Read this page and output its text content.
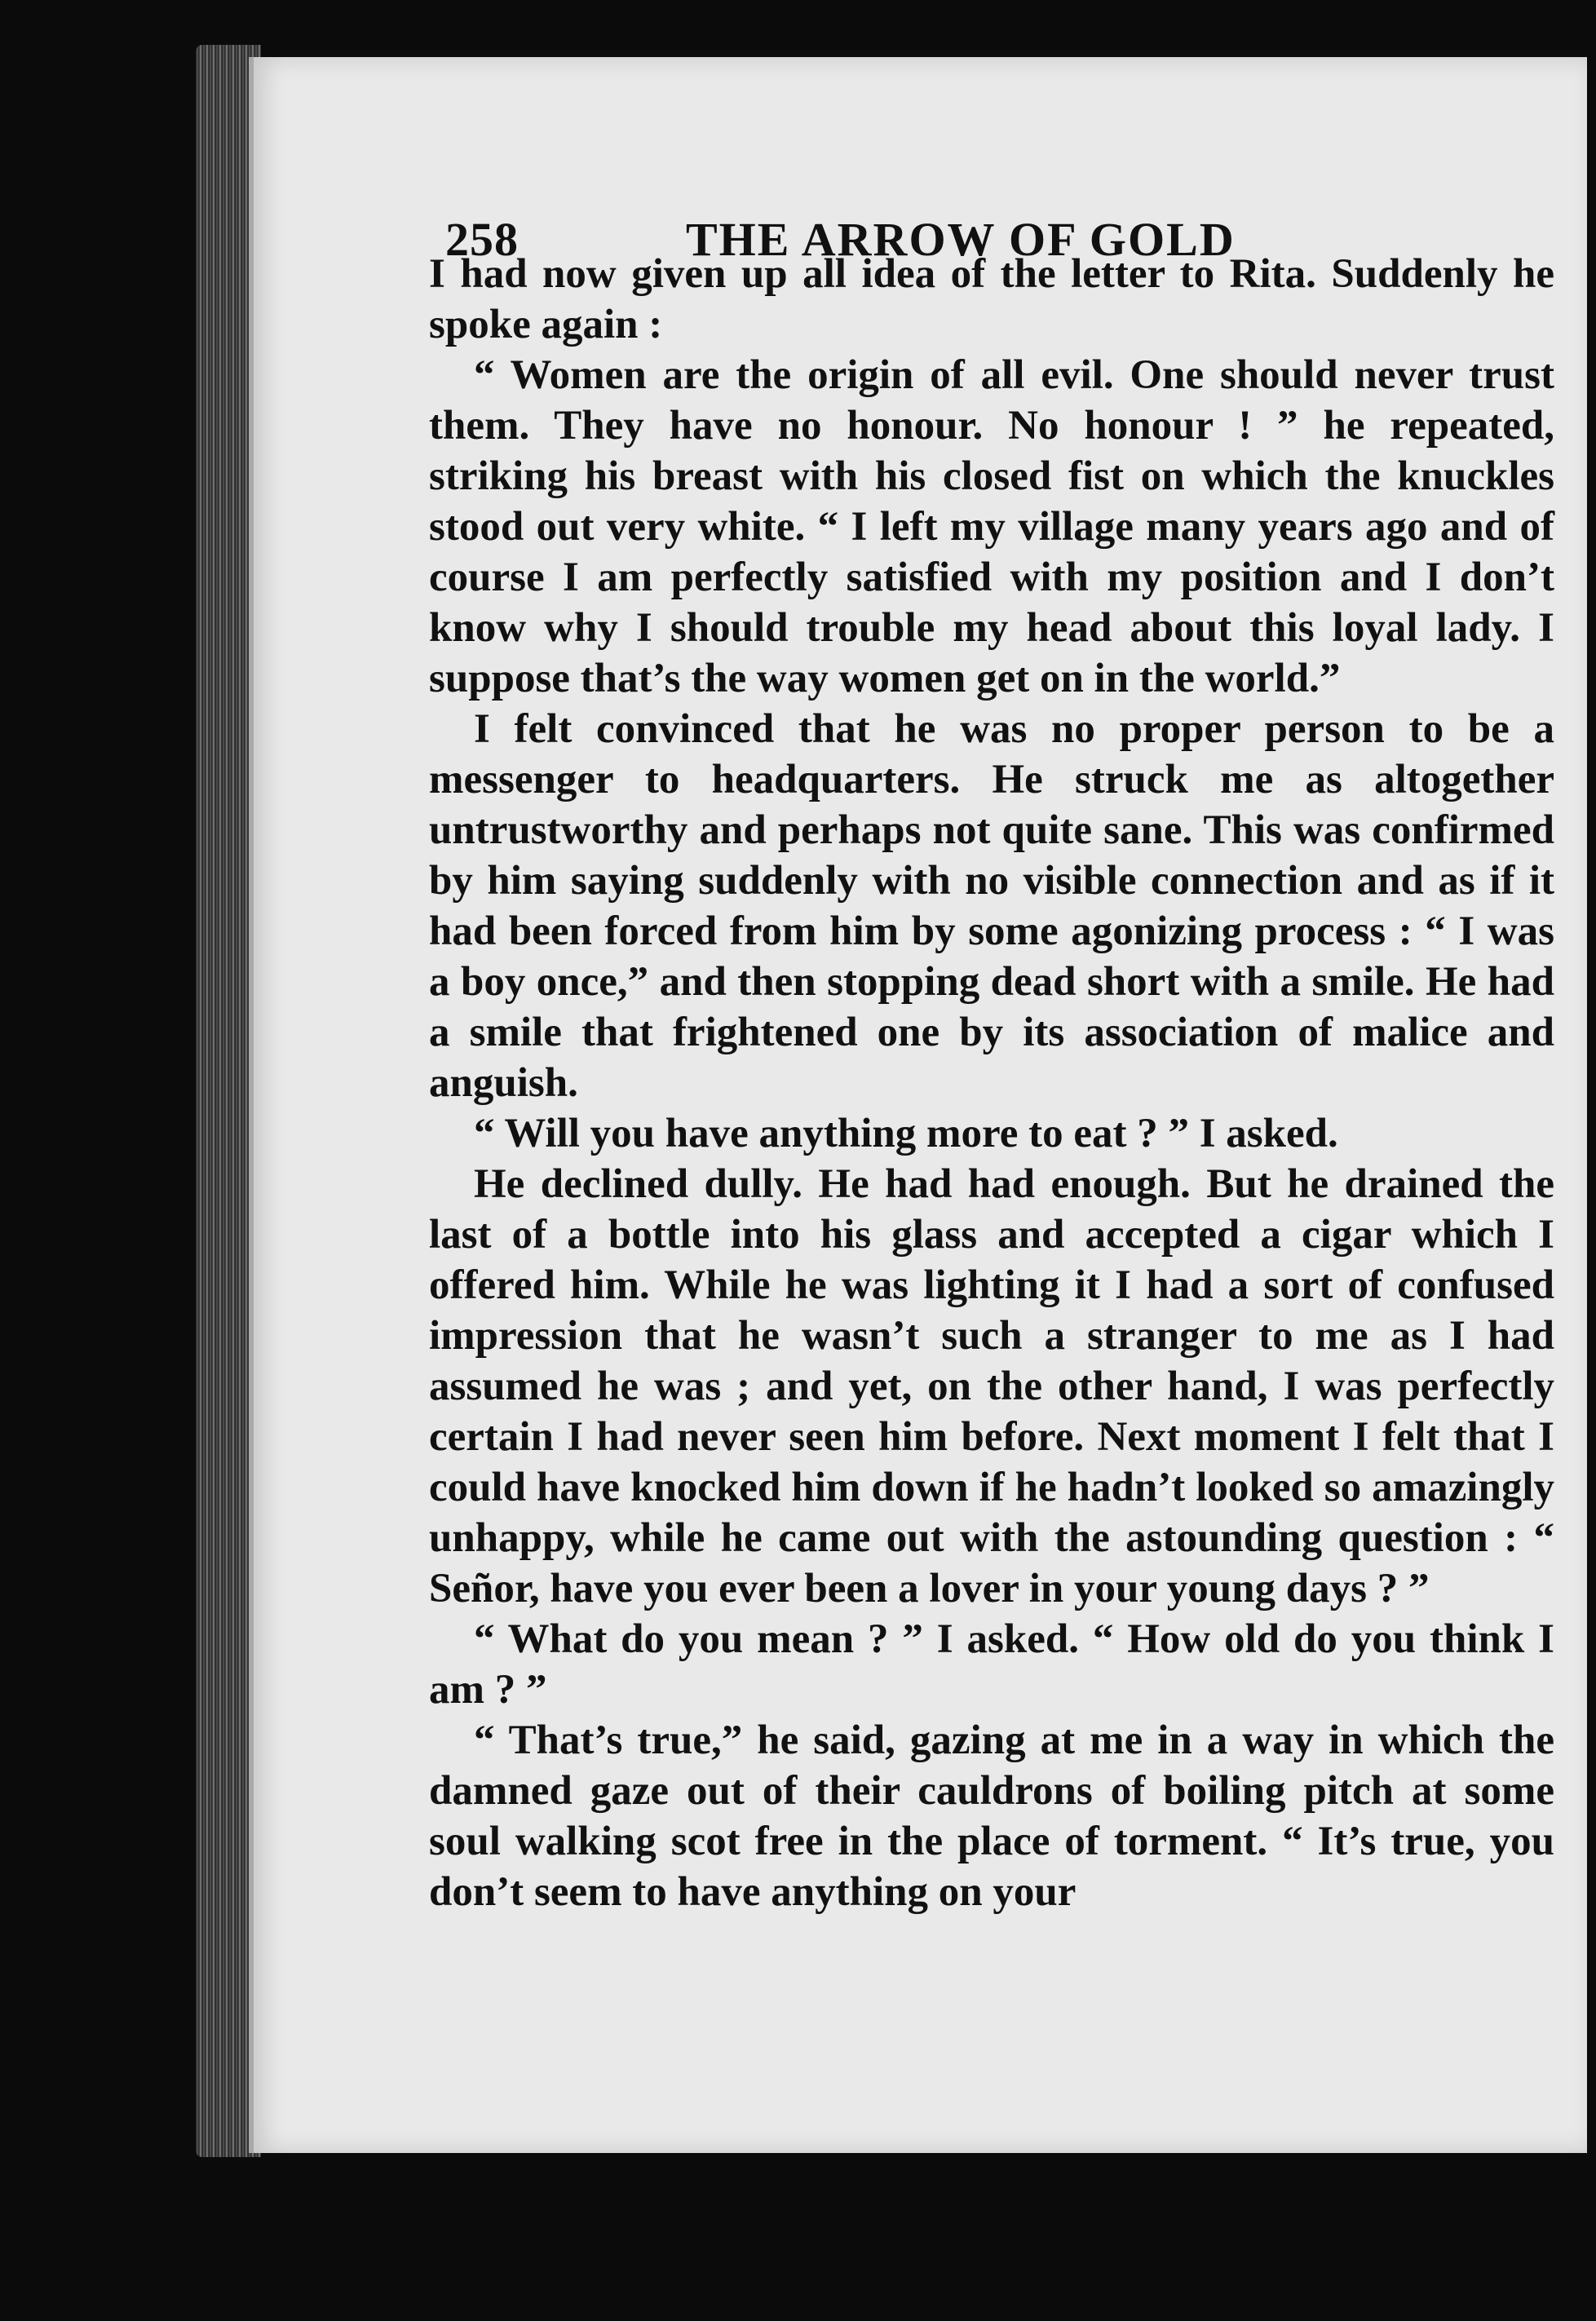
258	THE ARROW OF GOLD

I had now given up all idea of the letter to Rita. Suddenly he spoke again :

“ Women are the origin of all evil. One should never trust them. They have no honour. No honour ! ” he repeated, striking his breast with his closed fist on which the knuckles stood out very white. “ I left my village many years ago and of course I am perfectly satisfied with my position and I don’t know why I should trouble my head about this loyal lady. I suppose that’s the way women get on in the world.”

I felt convinced that he was no proper person to be a messenger to headquarters. He struck me as altogether untrustworthy and perhaps not quite sane. This was confirmed by him saying suddenly with no visible connection and as if it had been forced from him by some agonizing process : “ I was a boy once,” and then stopping dead short with a smile. He had a smile that frightened one by its association of malice and anguish.

“ Will you have anything more to eat ? ” I asked.

He declined dully. He had had enough. But he drained the last of a bottle into his glass and accepted a cigar which I offered him. While he was lighting it I had a sort of confused impression that he wasn’t such a stranger to me as I had assumed he was ; and yet, on the other hand, I was perfectly certain I had never seen him before. Next moment I felt that I could have knocked him down if he hadn’t looked so amazingly unhappy, while he came out with the astounding question : “ Señor, have you ever been a lover in your young days ? ”

“ What do you mean ? ” I asked. “ How old do you think I am ? ”

“ That’s true,” he said, gazing at me in a way in which the damned gaze out of their cauldrons of boiling pitch at some soul walking scot free in the place of torment. “ It’s true, you don’t seem to have anything on your
